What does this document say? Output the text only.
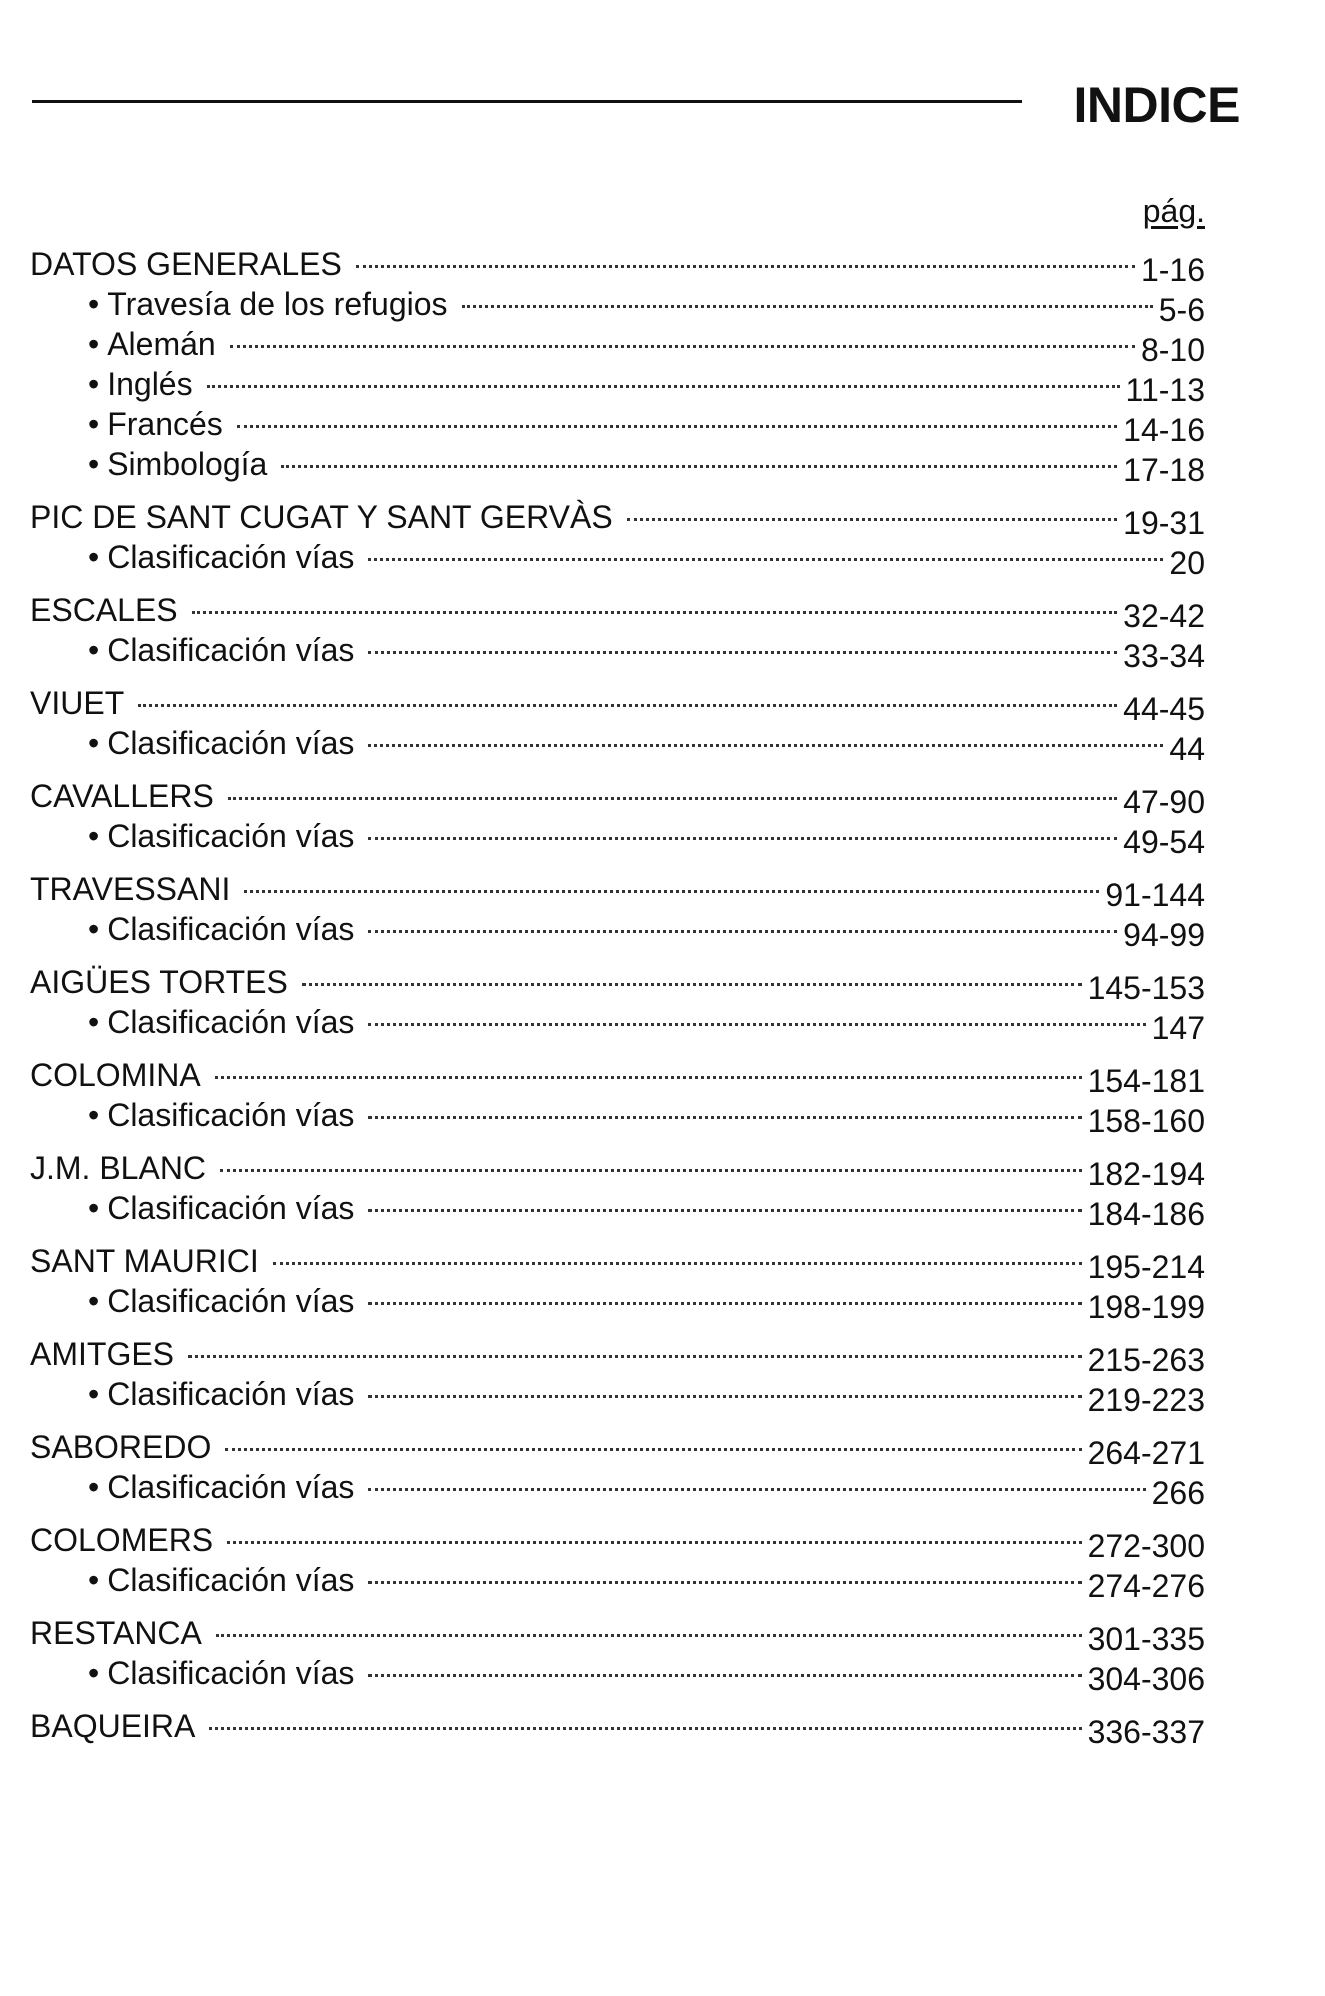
INDICE
pág.
DATOS GENERALES	1-16
• Travesía de los refugios	5-6
• Alemán	8-10
• Inglés	11-13
• Francés	14-16
• Simbología	17-18
PIC DE SANT CUGAT Y SANT GERVÀS	19-31
• Clasificación vías	20
ESCALES	32-42
• Clasificación vías	33-34
VIUET	44-45
• Clasificación vías	44
CAVALLERS	47-90
• Clasificación vías	49-54
TRAVESSANI	91-144
• Clasificación vías	94-99
AIGÜES TORTES	145-153
• Clasificación vías	147
COLOMINA	154-181
• Clasificación vías	158-160
J.M. BLANC	182-194
• Clasificación vías	184-186
SANT MAURICI	195-214
• Clasificación vías	198-199
AMITGES	215-263
• Clasificación vías	219-223
SABOREDO	264-271
• Clasificación vías	266
COLOMERS	272-300
• Clasificación vías	274-276
RESTANCA	301-335
• Clasificación vías	304-306
BAQUEIRA	336-337
